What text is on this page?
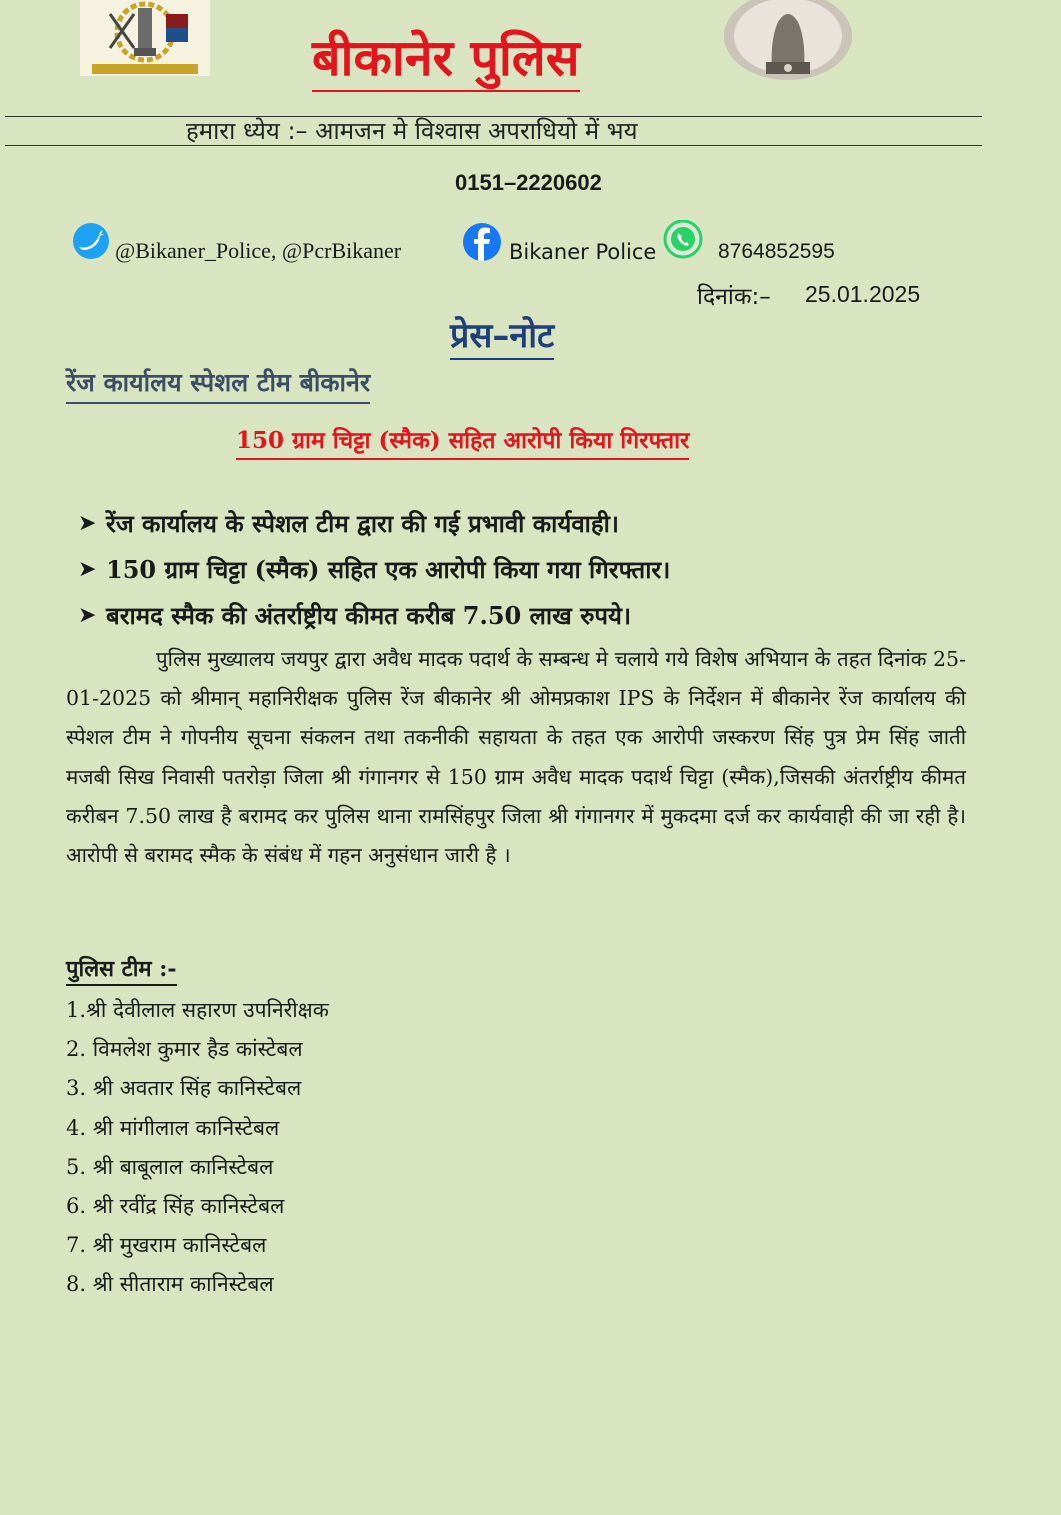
बीकानेर पुलिस
हमारा ध्येय :– आमजन मे विश्वास अपराधियो में भय
0151–2220602
@Bikaner_Police, @PcrBikaner	Bikaner Police	8764852595
दिनांक:– 25.01.2025
प्रेस–नोट
रेंज कार्यालय स्पेशल टीम बीकानेर
150 ग्राम चिट्टा (स्मैक) सहित आरोपी किया गिरफ्तार
➤ रेंज कार्यालय के स्पेशल टीम द्वारा की गई प्रभावी कार्यवाही।
➤ 150 ग्राम चिट्टा (स्मैक) सहित एक आरोपी किया गया गिरफ्तार।
➤ बरामद स्मैक की अंतर्राष्ट्रीय कीमत करीब 7.50 लाख रुपये।
पुलिस मुख्यालय जयपुर द्वारा अवैध मादक पदार्थ के सम्बन्ध मे चलाये गये विशेष अभियान के तहत दिनांक 25-01-2025 को श्रीमान् महानिरीक्षक पुलिस रेंज बीकानेर श्री ओमप्रकाश IPS के निर्देशन में बीकानेर रेंज कार्यालय की स्पेशल टीम ने गोपनीय सूचना संकलन तथा तकनीकी सहायता के तहत एक आरोपी जस्करण सिंह पुत्र प्रेम सिंह जाती मजबी सिख निवासी पतरोड़ा जिला श्री गंगानगर से 150 ग्राम अवैध मादक पदार्थ चिट्टा (स्मैक),जिसकी अंतर्राष्ट्रीय कीमत करीबन 7.50 लाख है बरामद कर पुलिस थाना रामसिंहपुर जिला श्री गंगानगर में मुकदमा दर्ज कर कार्यवाही की जा रही है। आरोपी से बरामद स्मैक के संबंध में गहन अनुसंधान जारी है ।
पुलिस टीम :-
1.श्री देवीलाल सहारण उपनिरीक्षक
2. विमलेश कुमार हैड कांस्टेबल
3. श्री अवतार सिंह कानिस्टेबल
4. श्री मांगीलाल कानिस्टेबल
5. श्री बाबूलाल कानिस्टेबल
6. श्री रवींद्र सिंह कानिस्टेबल
7. श्री मुखराम कानिस्टेबल
8. श्री सीताराम कानिस्टेबल
